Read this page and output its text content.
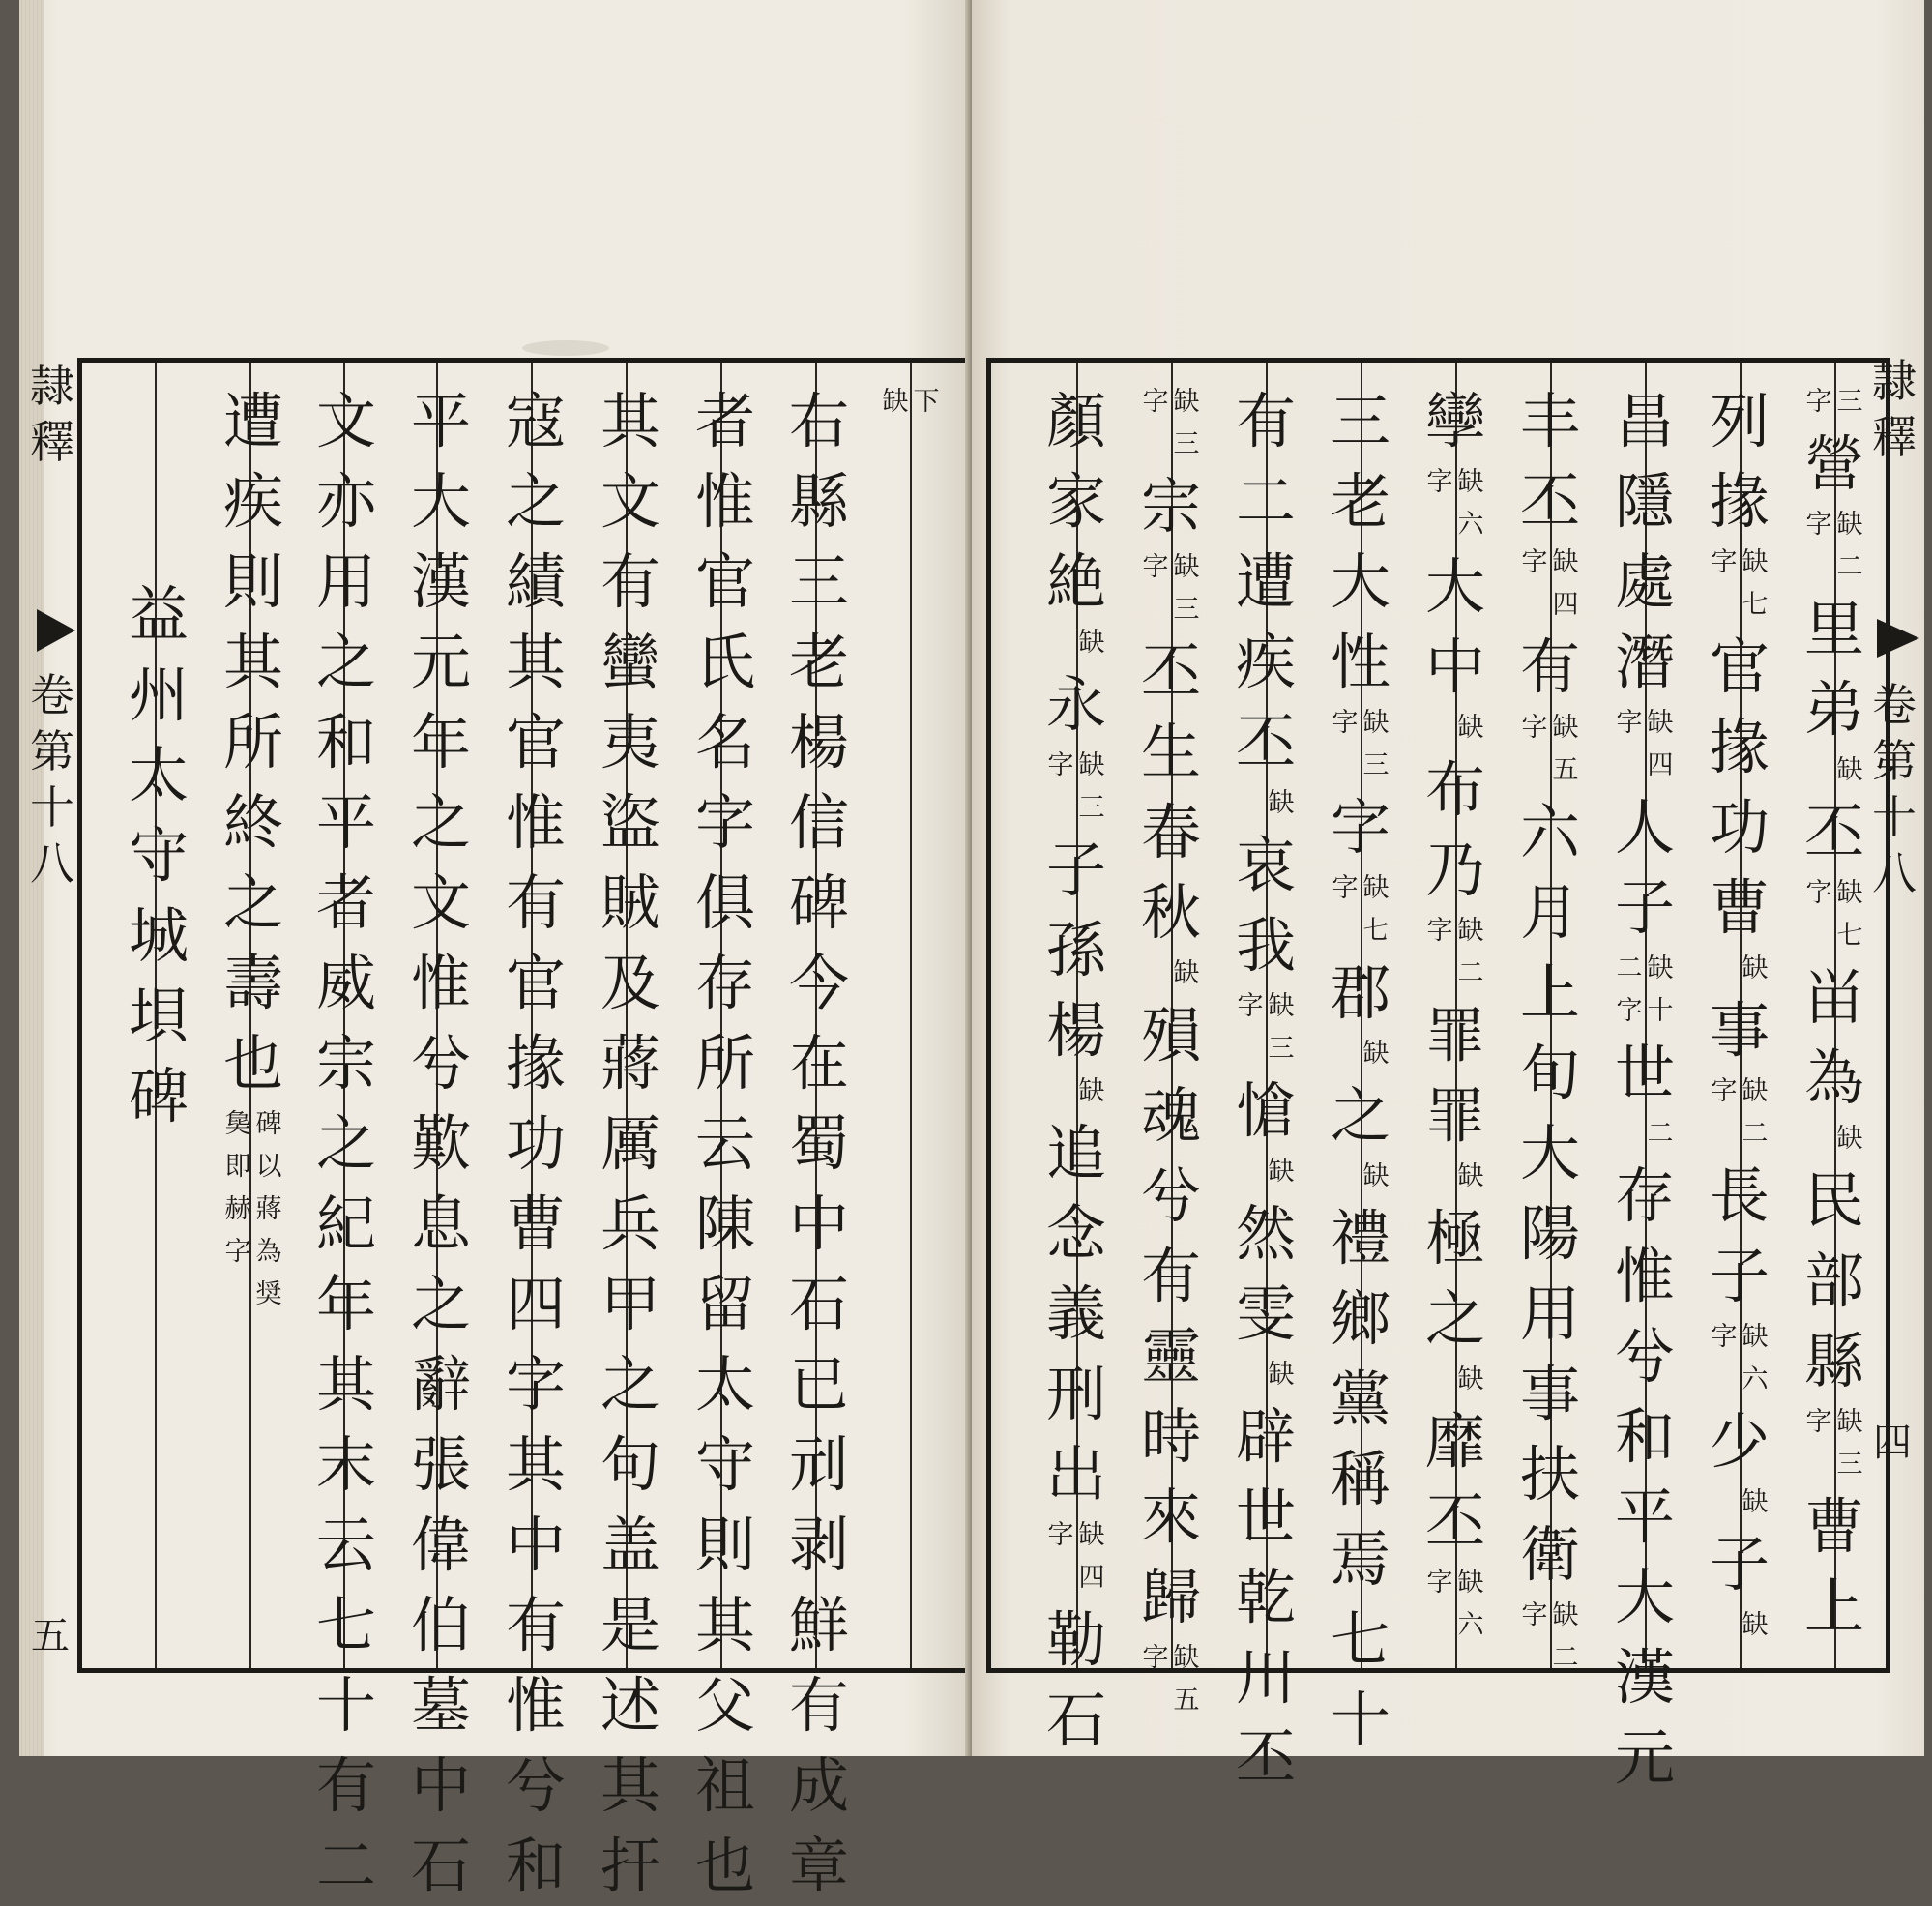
隷
釋
卷
第
十
八
五
下
缺
右
縣
三
老
楊
信
碑
今
在
蜀
中
石
已
刓
剥
鮮
有
成
章
者
惟
官
氏
名
字
俱
存
所
云
陳
留
太
守
則
其
父
祖
也
其
文
有
蠻
夷
盜
賊
及
蔣
厲
兵
甲
之
句
盖
是
述
其
扞
寇
之
績
其
官
惟
有
官
掾
功
曹
四
字
其
中
有
惟
兮
和
平
大
漢
元
年
之
文
惟
兮
歎
息
之
辭
張
偉
伯
墓
中
石
文
亦
用
之
和
平
者
威
宗
之
紀
年
其
末
云
七
十
有
二
遭
疾
則
其
所
終
之
壽
也
碑
㚟
以
即
蔣
赫
為
字
奨
益
州
太
守
城
垻
碑
三
字
營
缺
字
二
里
弟
缺
丕
缺
字
七
畄
為
缺
民
部
縣
缺
字
三
曹
上
列
掾
缺
字
七
官
掾
功
曹
缺
事
缺
字
二
長
子
缺
字
六
少
缺
子
缺
昌
隱
處
潛
缺
字
四
人
子
缺
二
十
字
世
二
存
惟
兮
和
平
大
漢
元
丰
丕
缺
字
四
有
缺
字
五
六
月
上
旬
大
陽
用
事
扶
衛
缺
字
二
孿
缺
字
六
大
中
缺
布
乃
缺
字
二
罪
罪
缺
極
之
缺
靡
丕
缺
字
六
三
老
大
性
缺
字
三
字
缺
字
七
郡
缺
之
缺
禮
鄉
黨
稱
焉
七
十
有
二
遭
疾
丕
缺
哀
我
缺
字
三
愴
缺
然
雯
缺
辟
世
乾
川
丕
缺
字
三
宗
缺
字
三
丕
生
春
秋
缺
殞
魂
兮
有
靈
時
來
歸
缺
字
五
顏
家
絶
缺
永
缺
字
三
子
孫
楊
缺
追
念
義
刑
出
缺
字
四
勒
石
隷
釋
卷
第
十
八
四
